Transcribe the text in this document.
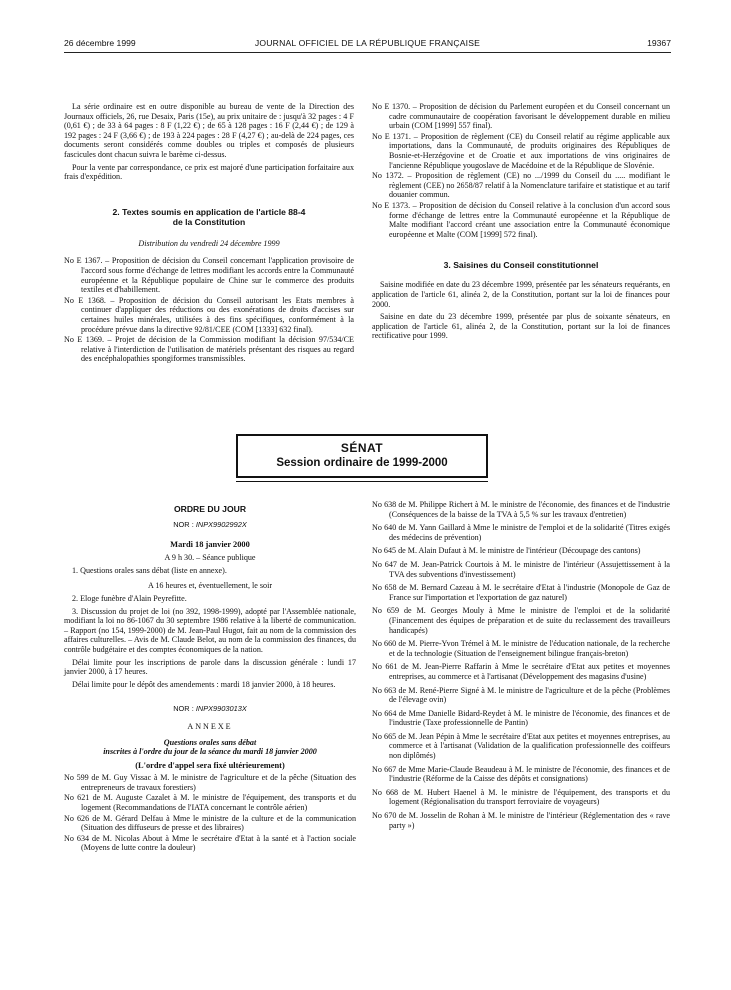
26 décembre 1999	JOURNAL OFFICIEL DE LA RÉPUBLIQUE FRANÇAISE	19367

La série ordinaire est en outre disponible au bureau de vente de la Direction des Journaux officiels, 26, rue Desaix, Paris (15e), au prix unitaire de : jusqu'à 32 pages : 4 F (0,61 €) ; de 33 à 64 pages : 8 F (1,22 €) ; de 65 à 128 pages : 16 F (2,44 €) ; de 129 à 192 pages : 24 F (3,66 €) ; de 193 à 224 pages : 28 F (4,27 €) ; au-delà de 224 pages, ces documents seront considérés comme doubles ou triples et composés de plusieurs fascicules dont chacun suivra le barème ci-dessus.

Pour la vente par correspondance, ce prix est majoré d'une participation forfaitaire aux frais d'expédition.

2. Textes soumis en application de l'article 88-4

de la Constitution

Distribution du vendredi 24 décembre 1999

No E 1367. – Proposition de décision du Conseil concernant l'application provisoire de l'accord sous forme d'échange de lettres modifiant les accords entre la Communauté européenne et la République populaire de Chine sur le commerce des produits textiles et d'habillement.

No E 1368. – Proposition de décision du Conseil autorisant les Etats membres à continuer d'appliquer des réductions ou des exonérations de droits d'accises sur certaines huiles minérales, utilisées à des fins spécifiques, conformément à la procédure prévue dans la directive 92/81/CEE (COM [1333] 632 final).

No E 1369. – Projet de décision de la Commission modifiant la décision 97/534/CE relative à l'interdiction de l'utilisation de matériels présentant des risques au regard des encéphalopathies spongiformes transmissibles.

No E 1370. – Proposition de décision du Parlement européen et du Conseil concernant un cadre communautaire de coopération favorisant le développement durable en milieu urbain (COM [1999] 557 final).

No E 1371. – Proposition de règlement (CE) du Conseil relatif au régime applicable aux importations, dans la Communauté, de produits originaires des Républiques de Bosnie-et-Herzégovine et de Croatie et aux importations de vins originaires de l'ancienne République yougoslave de Macédoine et de la République de Slovénie.

No 1372. – Proposition de règlement (CE) no .../1999 du Conseil du ..... modifiant le règlement (CEE) no 2658/87 relatif à la Nomenclature tarifaire et statistique et au tarif douanier commun.

No E 1373. – Proposition de décision du Conseil relative à la conclusion d'un accord sous forme d'échange de lettres entre la Communauté européenne et la République de Malte modifiant l'accord créant une association entre la Communauté économique européenne et Malte (COM [1999] 572 final).

3. Saisines du Conseil constitutionnel

Saisine modifiée en date du 23 décembre 1999, présentée par les sénateurs requérants, en application de l'article 61, alinéa 2, de la Constitution, portant sur la loi de finances pour 2000.

Saisine en date du 23 décembre 1999, présentée par plus de soixante sénateurs, en application de l'article 61, alinéa 2, de la Constitution, portant sur la loi de finances rectificative pour 1999.

SÉNAT
Session ordinaire de 1999-2000

ORDRE DU JOUR

NOR : INPX9902992X

Mardi 18 janvier 2000

A 9 h 30. – Séance publique

1. Questions orales sans débat (liste en annexe).

A 16 heures et, éventuellement, le soir

2. Eloge funèbre d'Alain Peyrefitte.

3. Discussion du projet de loi (no 392, 1998-1999), adopté par l'Assemblée nationale, modifiant la loi no 86-1067 du 30 septembre 1986 relative à la liberté de communication. – Rapport (no 154, 1999-2000) de M. Jean-Paul Hugot, fait au nom de la commission des affaires culturelles. – Avis de M. Claude Belot, au nom de la commission des finances, du contrôle budgétaire et des comptes économiques de la nation.

Délai limite pour les inscriptions de parole dans la discussion générale : lundi 17 janvier 2000, à 17 heures.

Délai limite pour le dépôt des amendements : mardi 18 janvier 2000, à 18 heures.

NOR : INPX9903013X

ANNEXE

Questions orales sans débat

inscrites à l'ordre du jour de la séance du mardi 18 janvier 2000

(L'ordre d'appel sera fixé ultérieurement)

No 599 de M. Guy Vissac à M. le ministre de l'agriculture et de la pêche (Situation des entrepreneurs de travaux forestiers)

No 621 de M. Auguste Cazalet à M. le ministre de l'équipement, des transports et du logement (Recommandations de l'IATA concernant le contrôle aérien)

No 626 de M. Gérard Delfau à Mme le ministre de la culture et de la communication (Situation des diffuseurs de presse et des libraires)

No 634 de M. Nicolas About à Mme le secrétaire d'Etat à la santé et à l'action sociale (Moyens de lutte contre la douleur)

No 638 de M. Philippe Richert à M. le ministre de l'économie, des finances et de l'industrie (Conséquences de la baisse de la TVA à 5,5 % sur les travaux d'entretien)

No 640 de M. Yann Gaillard à Mme le ministre de l'emploi et de la solidarité (Titres exigés des médecins de prévention)

No 645 de M. Alain Dufaut à M. le ministre de l'intérieur (Découpage des cantons)

No 647 de M. Jean-Patrick Courtois à M. le ministre de l'intérieur (Assujettissement à la TVA des subventions d'investissement)

No 658 de M. Bernard Cazeau à M. le secrétaire d'Etat à l'industrie (Monopole de Gaz de France sur l'importation et l'exportation de gaz naturel)

No 659 de M. Georges Mouly à Mme le ministre de l'emploi et de la solidarité (Financement des équipes de préparation et de suite du reclassement des travailleurs handicapés)

No 660 de M. Pierre-Yvon Trémel à M. le ministre de l'éducation nationale, de la recherche et de la technologie (Situation de l'enseignement bilingue français-breton)

No 661 de M. Jean-Pierre Raffarin à Mme le secrétaire d'Etat aux petites et moyennes entreprises, au commerce et à l'artisanat (Développement des magasins d'usine)

No 663 de M. René-Pierre Signé à M. le ministre de l'agriculture et de la pêche (Problèmes de l'élevage ovin)

No 664 de Mme Danielle Bidard-Reydet à M. le ministre de l'économie, des finances et de l'industrie (Taxe professionnelle de Pantin)

No 665 de M. Jean Pépin à Mme le secrétaire d'Etat aux petites et moyennes entreprises, au commerce et à l'artisanat (Validation de la qualification professionnelle des coiffeurs non diplômés)

No 667 de Mme Marie-Claude Beaudeau à M. le ministre de l'économie, des finances et de l'industrie (Réforme de la Caisse des dépôts et consignations)

No 668 de M. Hubert Haenel à M. le ministre de l'équipement, des transports et du logement (Régionalisation du transport ferroviaire de voyageurs)

No 670 de M. Josselin de Rohan à M. le ministre de l'intérieur (Réglementation des « rave party »)
